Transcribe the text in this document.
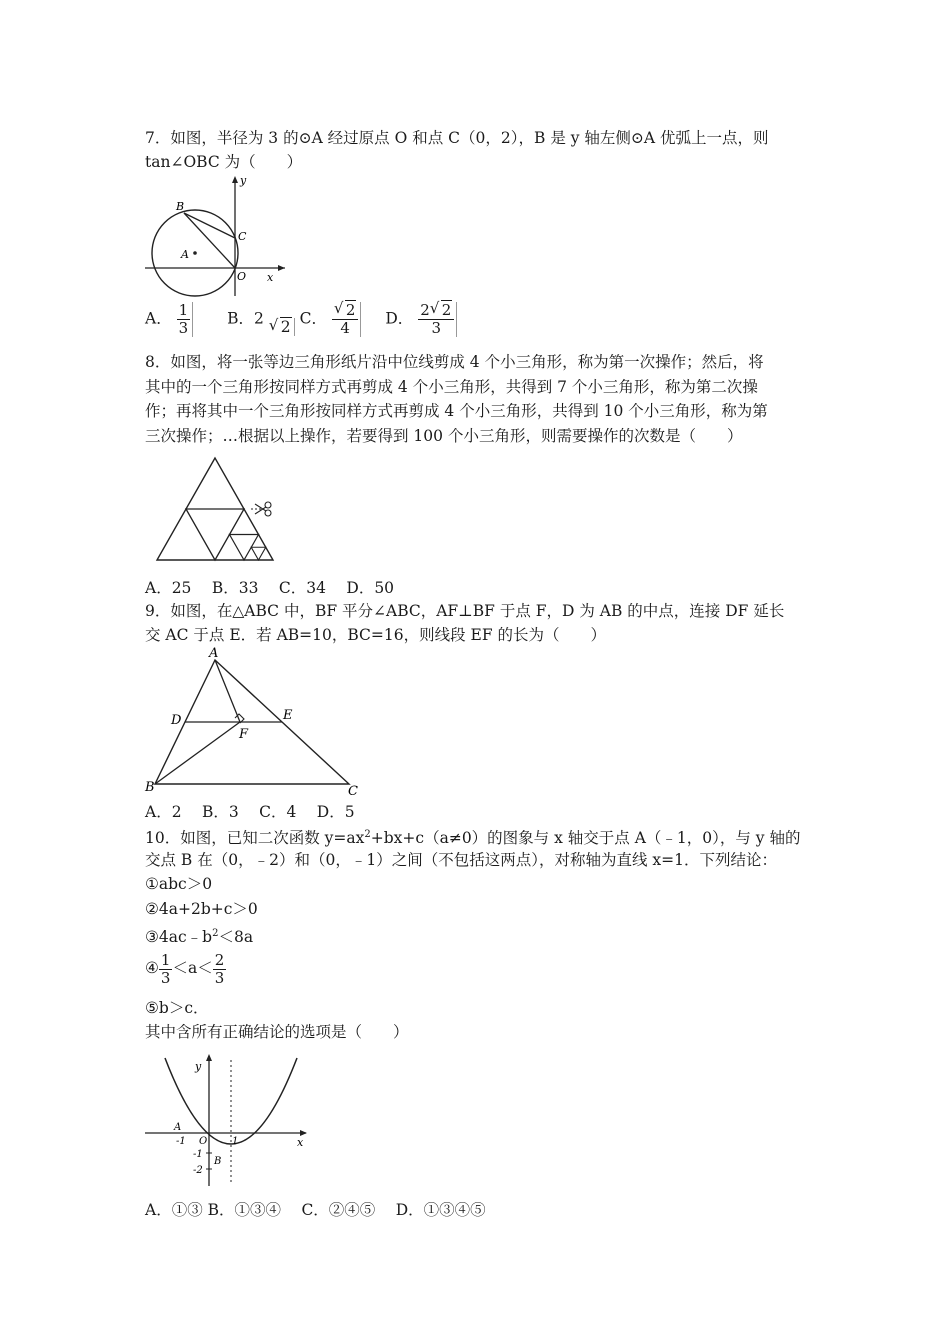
7．如图，半径为 3 的⊙A 经过原点 O 和点 C（0，2），B 是 y 轴左侧⊙A 优弧上一点，则
tan∠OBC 为（　　）
y
x
B
C
A
O
A． $\frac{1}{3}$ B．2 √ 2 C． √ $\frac{2}{4}$ D． $\frac{2 √ 2}{3}$
8．如图，将一张等边三角形纸片沿中位线剪成 4 个小三角形，称为第一次操作；然后，将
其中的一个三角形按同样方式再剪成 4 个小三角形，共得到 7 个小三角形，称为第二次操
作；再将其中一个三角形按同样方式再剪成 4 个小三角形，共得到 10 个小三角形，称为第
三次操作；…根据以上操作，若要得到 100 个小三角形，则需要操作的次数是（　　）
A．25　 B．33　 C．34　 D．50
9．如图，在△ABC 中，BF 平分∠ABC，AF⊥BF 于点 F，D 为 AB 的中点，连接 DF 延长
交 AC 于点 E．若 AB=10，BC=16，则线段 EF 的长为（　　）
A
D	E
F
B	C
A．2　 B．3　 C．4　 D．5
10．如图，已知二次函数 $y=ax^2+bx+c(a\ne 0)$的图象与 x 轴交于点 A（﹣1，0），与 y 轴的
交点 B 在（0，﹣2）和（0，﹣1）之间（不包括这两点），对称轴为直线 x=1．下列结论：
①abc＞0
②4a+2b+c＞0
$③4ac﹣b^2<8a$
④ $\frac{1}{3} <a< \frac{2}{3}$
⑤b＞c．
其中含所有正确结论的选项是（　　）
y
x
A
-1 O 1
-1
B
-2
A．①③ B．①③④　 C．②④⑤　 D．①③④⑤
